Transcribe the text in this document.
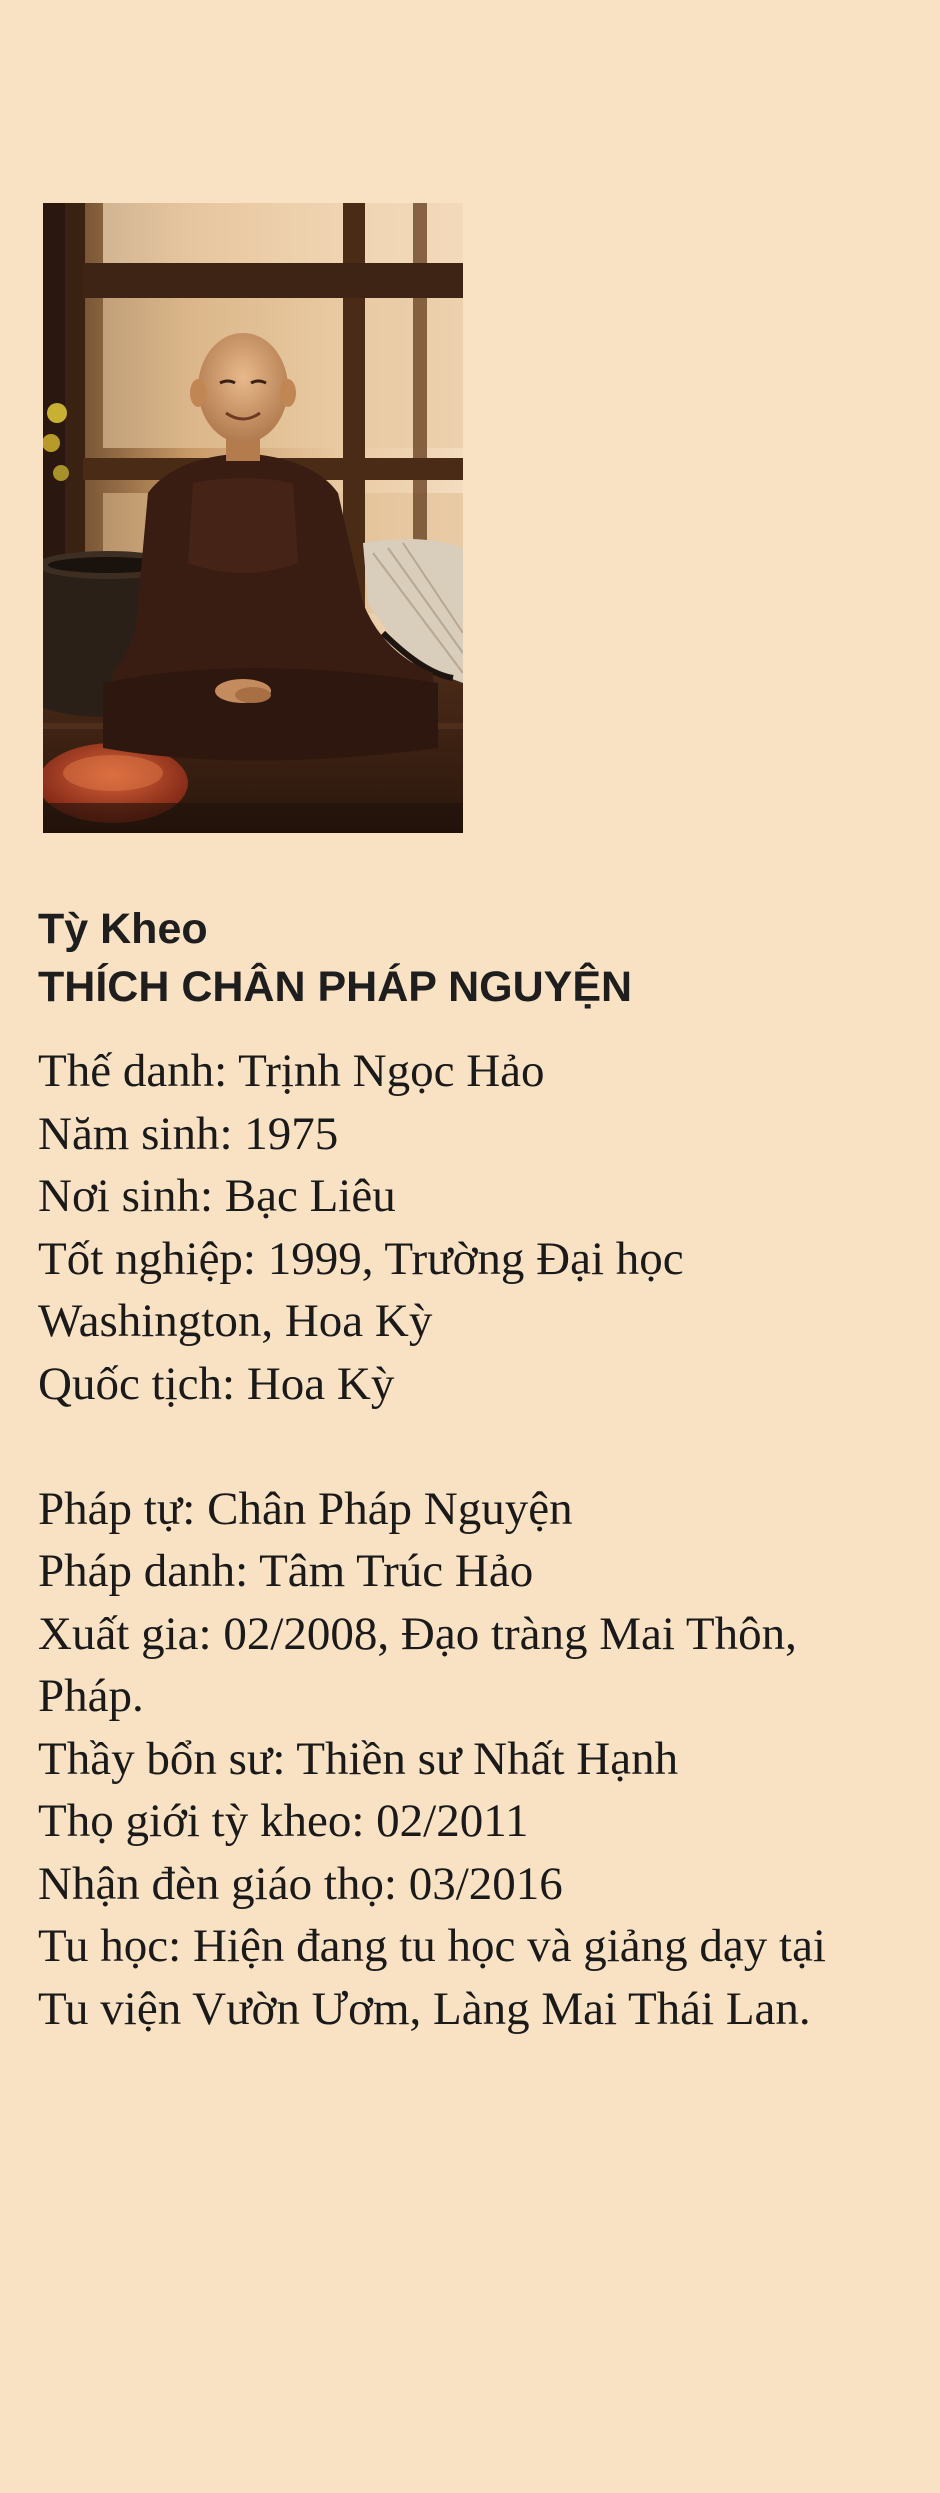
Tỳ Kheo
THÍCH CHÂN PHÁP NGUYỆN
Thế danh: Trịnh Ngọc Hảo
Năm sinh: 1975
Nơi sinh: Bạc Liêu
Tốt nghiệp: 1999, Trường Đại học
Washington, Hoa Kỳ
Quốc tịch: Hoa Kỳ
Pháp tự: Chân Pháp Nguyện
Pháp danh: Tâm Trúc Hảo
Xuất gia: 02/2008, Đạo tràng Mai Thôn,
Pháp.
Thầy bổn sư: Thiền sư Nhất Hạnh
Thọ giới tỳ kheo: 02/2011
Nhận đèn giáo thọ: 03/2016
Tu học: Hiện đang tu học và giảng dạy tại
Tu viện Vườn Ươm, Làng Mai Thái Lan.
